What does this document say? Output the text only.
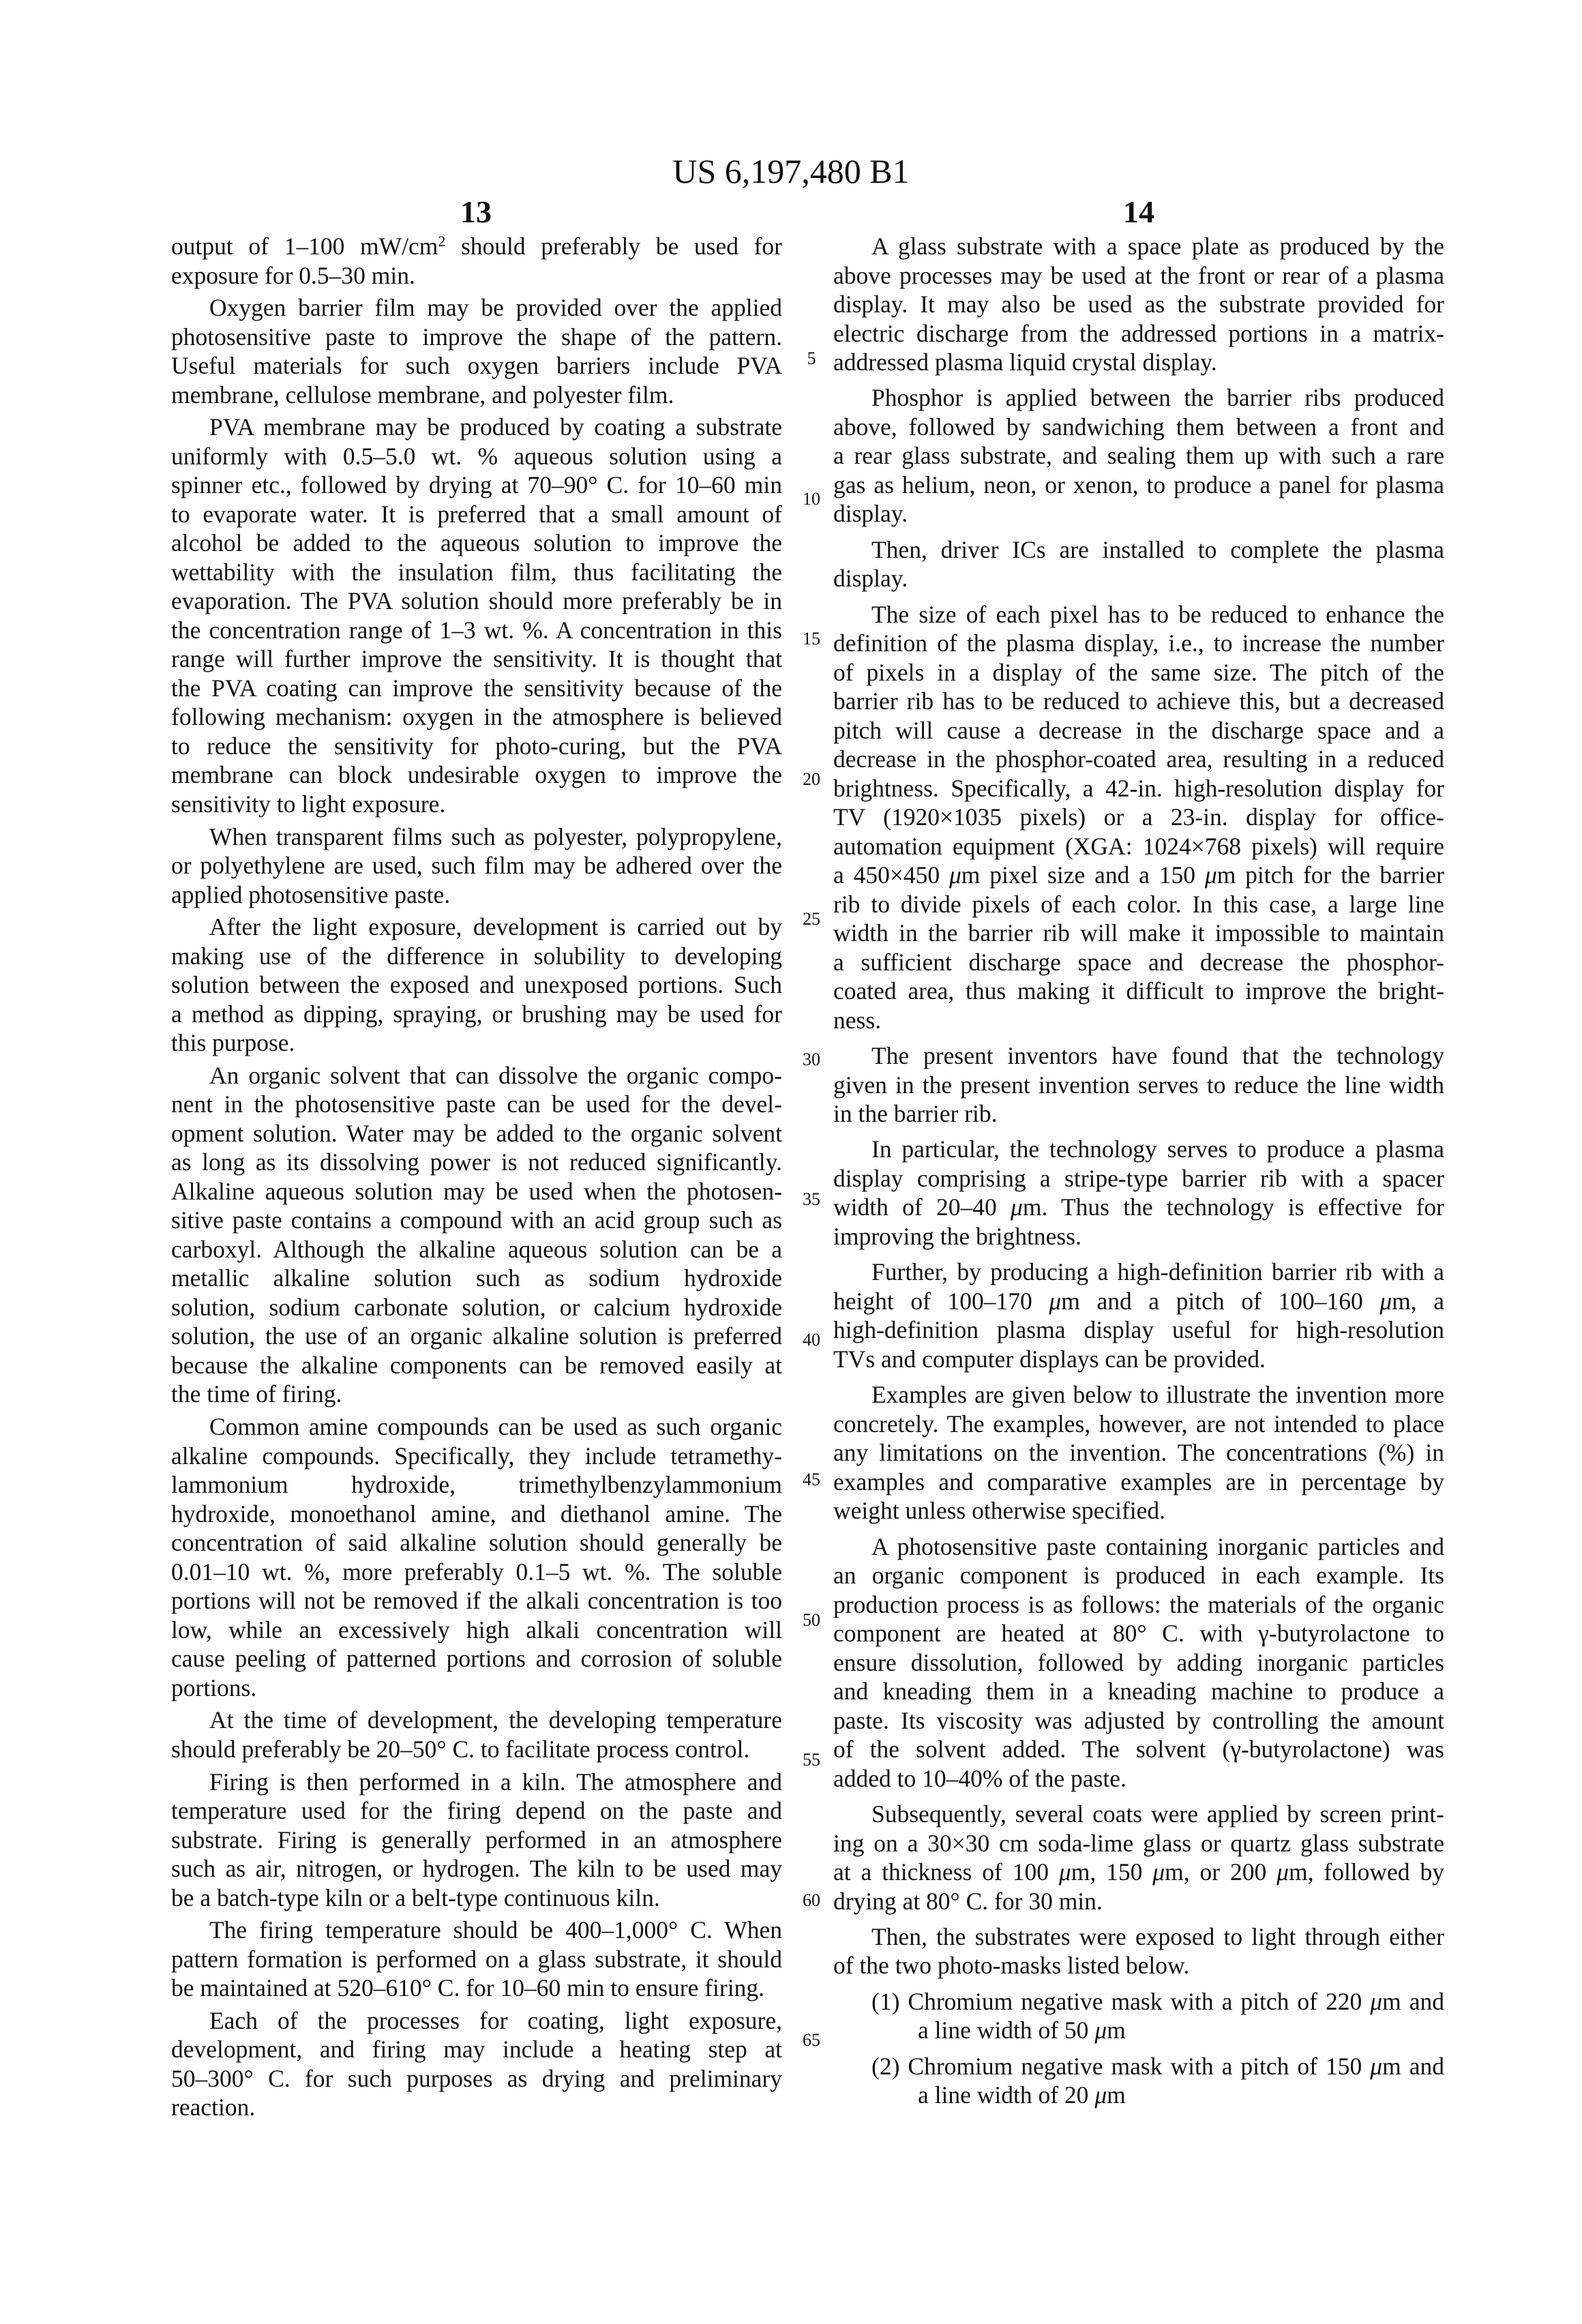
US 6,197,480 B1
13	14
output of 1–100 $mW/cm^2$ should preferably be used for
exposure for 0.5–30 min.
Oxygen barrier film may be provided over the applied
photosensitive paste to improve the shape of the pattern.
Useful materials for such oxygen barriers include PVA
membrane, cellulose membrane, and polyester film.
PVA membrane may be produced by coating a substrate
uniformly with 0.5–5.0 wt. % aqueous solution using a
spinner etc., followed by drying at 70–90° C. for 10–60 min
to evaporate water. It is preferred that a small amount of
alcohol be added to the aqueous solution to improve the
wettability with the insulation film, thus facilitating the
evaporation. The PVA solution should more preferably be in
the concentration range of 1–3 wt. %. A concentration in this
range will further improve the sensitivity. It is thought that
the PVA coating can improve the sensitivity because of the
following mechanism: oxygen in the atmosphere is believed
to reduce the sensitivity for photo-curing, but the PVA
membrane can block undesirable oxygen to improve the
sensitivity to light exposure.
When transparent films such as polyester, polypropylene,
or polyethylene are used, such film may be adhered over the
applied photosensitive paste.
After the light exposure, development is carried out by
making use of the difference in solubility to developing
solution between the exposed and unexposed portions. Such
a method as dipping, spraying, or brushing may be used for
this purpose.
An organic solvent that can dissolve the organic compo-
nent in the photosensitive paste can be used for the devel-
opment solution. Water may be added to the organic solvent
as long as its dissolving power is not reduced significantly.
Alkaline aqueous solution may be used when the photosen-
sitive paste contains a compound with an acid group such as
carboxyl. Although the alkaline aqueous solution can be a
metallic alkaline solution such as sodium hydroxide
solution, sodium carbonate solution, or calcium hydroxide
solution, the use of an organic alkaline solution is preferred
because the alkaline components can be removed easily at
the time of firing.
Common amine compounds can be used as such organic
alkaline compounds. Specifically, they include tetramethy-
lammonium hydroxide, trimethylbenzylammonium
hydroxide, monoethanol amine, and diethanol amine. The
concentration of said alkaline solution should generally be
0.01–10 wt. %, more preferably 0.1–5 wt. %. The soluble
portions will not be removed if the alkali concentration is too
low, while an excessively high alkali concentration will
cause peeling of patterned portions and corrosion of soluble
portions.
At the time of development, the developing temperature
should preferably be 20–50° C. to facilitate process control.
Firing is then performed in a kiln. The atmosphere and
temperature used for the firing depend on the paste and
substrate. Firing is generally performed in an atmosphere
such as air, nitrogen, or hydrogen. The kiln to be used may
be a batch-type kiln or a belt-type continuous kiln.
The firing temperature should be 400–1,000° C. When
pattern formation is performed on a glass substrate, it should
be maintained at 520–610° C. for 10–60 min to ensure firing.
Each of the processes for coating, light exposure,
development, and firing may include a heating step at
50–300° C. for such purposes as drying and preliminary
reaction.
A glass substrate with a space plate as produced by the
above processes may be used at the front or rear of a plasma
display. It may also be used as the substrate provided for
electric discharge from the addressed portions in a matrix-
addressed plasma liquid crystal display.
Phosphor is applied between the barrier ribs produced
above, followed by sandwiching them between a front and
a rear glass substrate, and sealing them up with such a rare
gas as helium, neon, or xenon, to produce a panel for plasma
display.
Then, driver ICs are installed to complete the plasma
display.
The size of each pixel has to be reduced to enhance the
definition of the plasma display, i.e., to increase the number
of pixels in a display of the same size. The pitch of the
barrier rib has to be reduced to achieve this, but a decreased
pitch will cause a decrease in the discharge space and a
decrease in the phosphor-coated area, resulting in a reduced
brightness. Specifically, a 42-in. high-resolution display for
TV (1920×1035 pixels) or a 23-in. display for office-
automation equipment (XGA: 1024×768 pixels) will require
a 450×450 μm pixel size and a 150 μm pitch for the barrier
rib to divide pixels of each color. In this case, a large line
width in the barrier rib will make it impossible to maintain
a sufficient discharge space and decrease the phosphor-
coated area, thus making it difficult to improve the bright-
ness.
The present inventors have found that the technology
given in the present invention serves to reduce the line width
in the barrier rib.
In particular, the technology serves to produce a plasma
display comprising a stripe-type barrier rib with a spacer
width of 20–40 μm. Thus the technology is effective for
improving the brightness.
Further, by producing a high-definition barrier rib with a
height of 100–170 μm and a pitch of 100–160 μm, a
high-definition plasma display useful for high-resolution
TVs and computer displays can be provided.
Examples are given below to illustrate the invention more
concretely. The examples, however, are not intended to place
any limitations on the invention. The concentrations (%) in
examples and comparative examples are in percentage by
weight unless otherwise specified.
A photosensitive paste containing inorganic particles and
an organic component is produced in each example. Its
production process is as follows: the materials of the organic
component are heated at 80° C. with γ-butyrolactone to
ensure dissolution, followed by adding inorganic particles
and kneading them in a kneading machine to produce a
paste. Its viscosity was adjusted by controlling the amount
of the solvent added. The solvent (γ-butyrolactone) was
added to 10–40% of the paste.
Subsequently, several coats were applied by screen print-
ing on a 30×30 cm soda-lime glass or quartz glass substrate
at a thickness of 100 μm, 150 μm, or 200 μm, followed by
drying at 80° C. for 30 min.
Then, the substrates were exposed to light through either
of the two photo-masks listed below.
(1) Chromium negative mask with a pitch of 220 μm and
a line width of 50 μm
(2) Chromium negative mask with a pitch of 150 μm and
a line width of 20 μm
5
10
15
20
25
30
35
40
45
50
55
60
65
